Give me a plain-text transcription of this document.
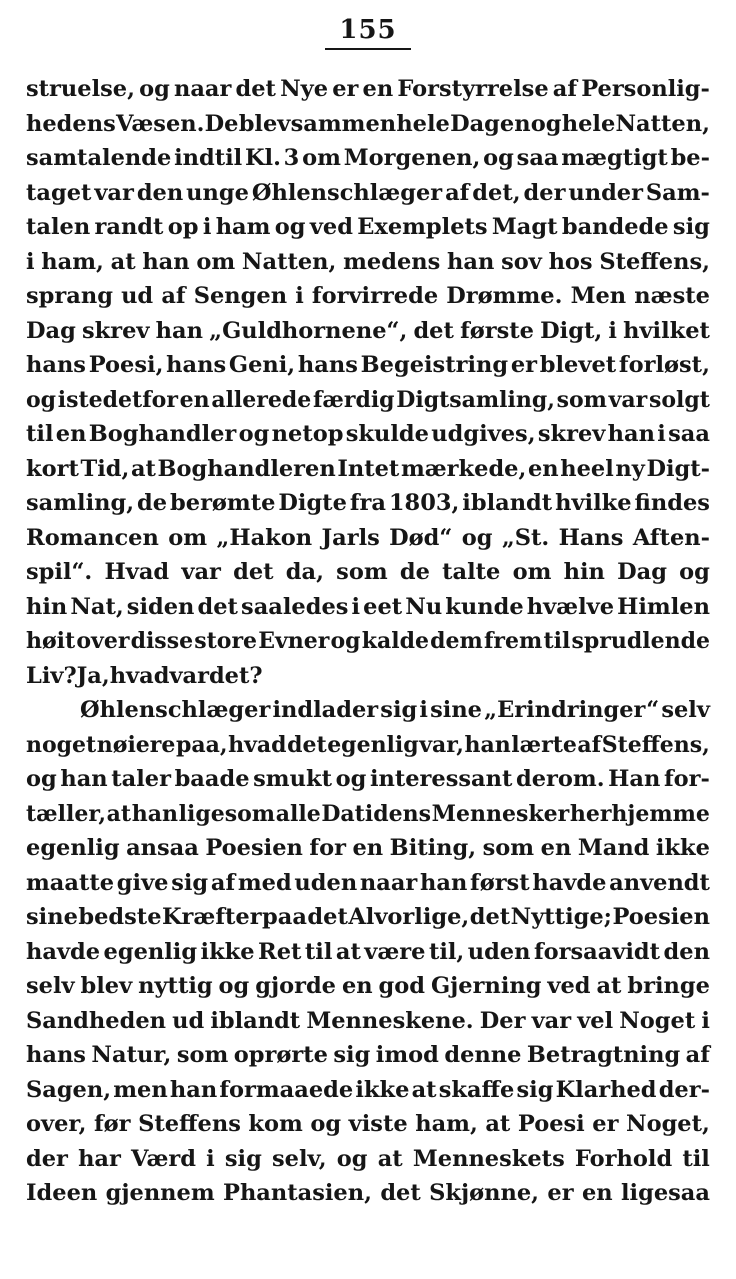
155
struelse, og naar det Nye er en Forstyrrelse af Personlig-
hedens Væsen. De blev sammen hele Dagen og hele Natten,
samtalende indtil Kl. 3 om Morgenen, og saa mægtigt be-
taget var den unge Øhlenschlæger af det, der under Sam-
talen randt op i ham og ved Exemplets Magt bandede sig
i ham, at han om Natten, medens han sov hos Steffens,
sprang ud af Sengen i forvirrede Drømme. Men næste
Dag skrev han „Guldhornene“, det første Digt, i hvilket
hans Poesi, hans Geni, hans Begeistring er blevet forløst,
og istedetfor en allerede færdig Digtsamling, som var solgt
til en Boghandler og netop skulde udgives, skrev han i saa
kort Tid, at Boghandleren Intet mærkede, en heel ny Digt-
samling, de berømte Digte fra 1803, iblandt hvilke findes
Romancen om „Hakon Jarls Død“ og „St. Hans Aften-
spil“. Hvad var det da, som de talte om hin Dag og
hin Nat, siden det saaledes i eet Nu kunde hvælve Himlen
høit over disse store Evner og kalde dem frem til sprudlende
Liv? Ja, hvad var det?
Øhlenschlæger indlader sig i sine „Erindringer“ selv
noget nøiere paa, hvad det egenlig var, han lærte af Steffens,
og han taler baade smukt og interessant derom. Han for-
tæller, at han ligesom alle Datidens Mennesker herhjemme
egenlig ansaa Poesien for en Biting, som en Mand ikke
maatte give sig af med uden naar han først havde anvendt
sine bedste Kræfter paa det Alvorlige, det Nyttige; Poesien
havde egenlig ikke Ret til at være til, uden forsaavidt den
selv blev nyttig og gjorde en god Gjerning ved at bringe
Sandheden ud iblandt Menneskene. Der var vel Noget i
hans Natur, som oprørte sig imod denne Betragtning af
Sagen, men han formaaede ikke at skaffe sig Klarhed der-
over, før Steffens kom og viste ham, at Poesi er Noget,
der har Værd i sig selv, og at Menneskets Forhold til
Ideen gjennem Phantasien, det Skjønne, er en ligesaa
